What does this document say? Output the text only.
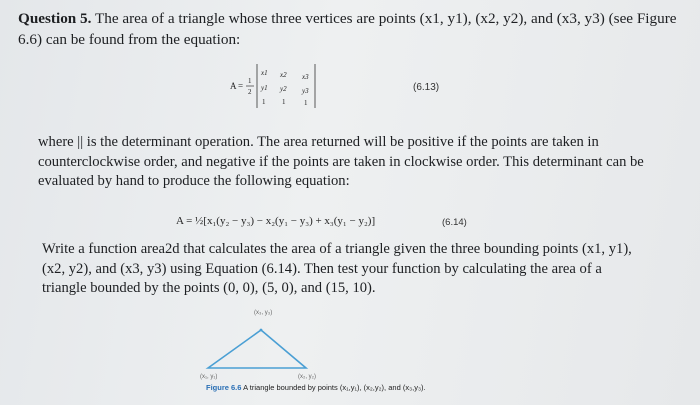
Question 5. The area of a triangle whose three vertices are points (x1, y1), (x2, y2), and (x3, y3) (see Figure 6.6) can be found from the equation:
A = 1
2
x1 x2 x3
y1 y2 y3
1 1	1
(6.13)
where || is the determinant operation. The area returned will be positive if the points are taken in counterclockwise order, and negative if the points are taken in clockwise order. This determinant can be evaluated by hand to produce the following equation:
A = ½[x₁(y₂ − y₃) − x₂(y₁ − y₃) + x₃(y₁ − y₂)]	(6.14)
Write a function area2d that calculates the area of a triangle given the three bounding points (x1, y1), (x2, y2), and (x3, y3) using Equation (6.14). Then test your function by calculating the area of a triangle bounded by the points (0, 0), (5, 0), and (15, 10).
(x₃, y₃)
(x₁, y₁)	(x₂, y₂)
Figure 6.6 A triangle bounded by points (x₁,y₁), (x₂,y₂), and (x₃,y₃).
